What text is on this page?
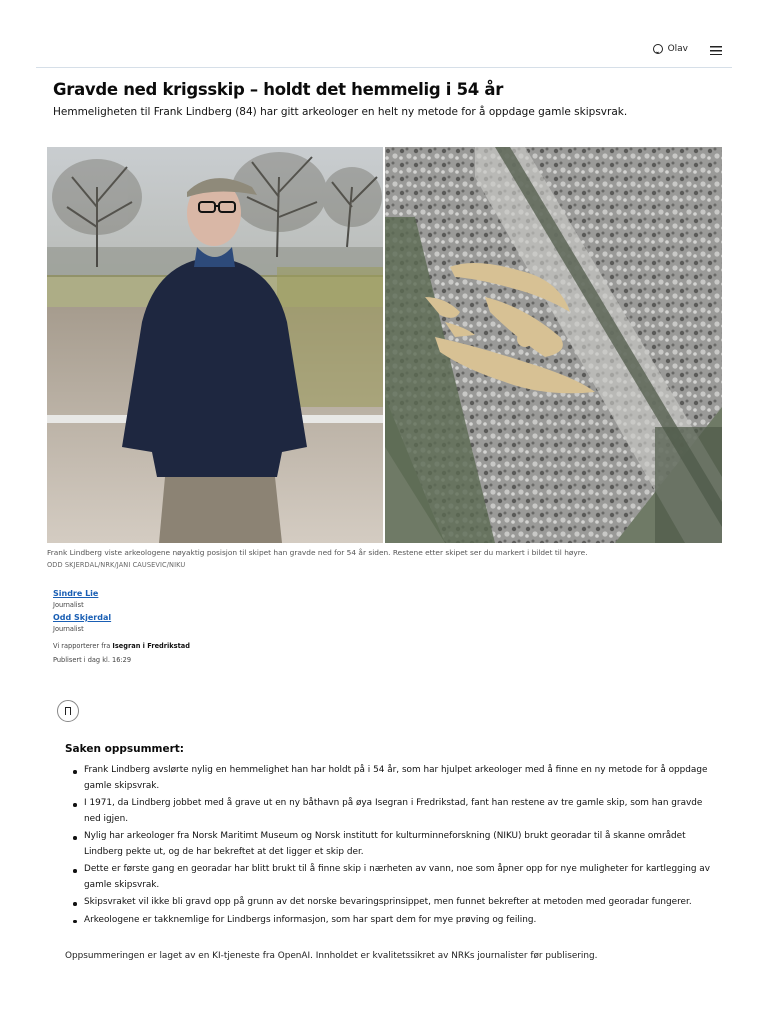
Olav
Gravde ned krigsskip – holdt det hemmelig i 54 år

Hemmeligheten til Frank Lindberg (84) har gitt arkeologer en helt ny metode for å oppdage gamle skipsvrak.

Frank Lindberg viste arkeologene nøyaktig posisjon til skipet han gravde ned for 54 år siden. Restene etter skipet ser du markert i bildet til høyre.

ODD SKJERDAL/NRK/JANI CAUSEVIC/NIKU

Sindre Lie
Journalist
Odd Skjerdal
Journalist
Vi rapporterer fra Isegran i Fredrikstad
Publisert i dag kl. 16:29
Saken oppsummert:
Frank Lindberg avslørte nylig en hemmelighet han har holdt på i 54 år, som har hjulpet arkeologer med å finne en ny metode for å oppdage gamle skipsvrak.
I 1971, da Lindberg jobbet med å grave ut en ny båthavn på øya Isegran i Fredrikstad, fant han restene av tre gamle skip, som han gravde ned igjen.
Nylig har arkeologer fra Norsk Maritimt Museum og Norsk institutt for kulturminneforskning (NIKU) brukt georadar til å skanne området Lindberg pekte ut, og de har bekreftet at det ligger et skip der.
Dette er første gang en georadar har blitt brukt til å finne skip i nærheten av vann, noe som åpner opp for nye muligheter for kartlegging av gamle skipsvrak.
Skipsvraket vil ikke bli gravd opp på grunn av det norske bevaringsprinsippet, men funnet bekrefter at metoden med georadar fungerer.
Arkeologene er takknemlige for Lindbergs informasjon, som har spart dem for mye prøving og feiling.

Oppsummeringen er laget av en KI-tjeneste fra OpenAI. Innholdet er kvalitetssikret av NRKs journalister før publisering.
